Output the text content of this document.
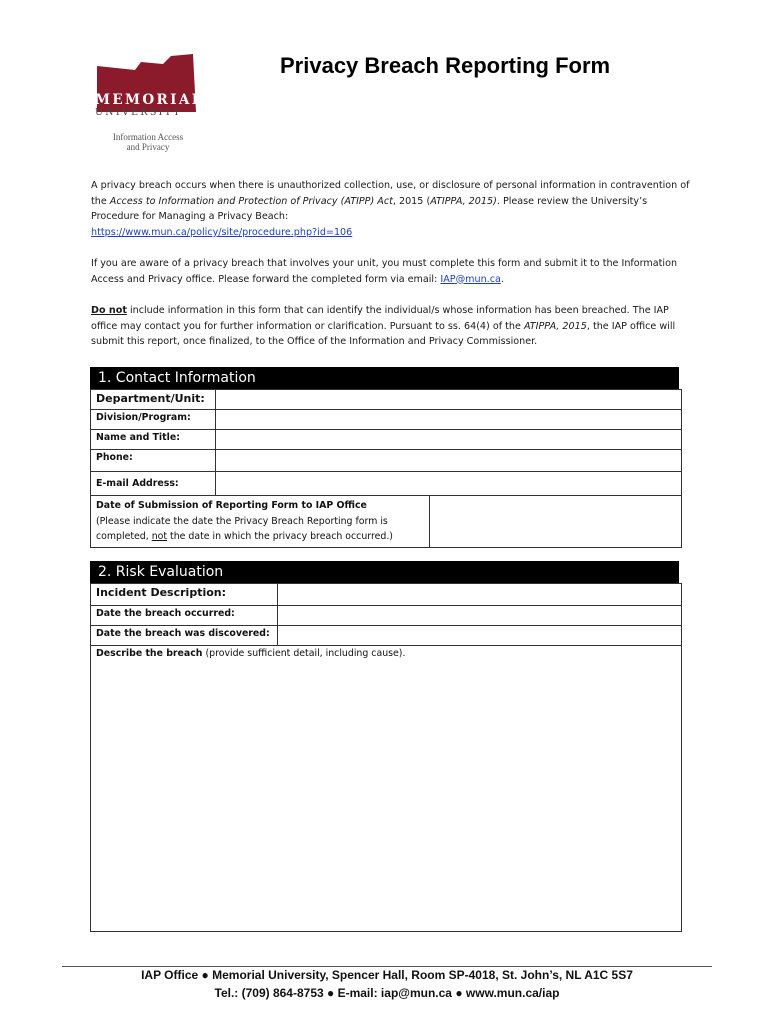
MEMORIAL
UNIVERSITY
Information Access
and Privacy
Privacy Breach Reporting Form

A privacy breach occurs when there is unauthorized collection, use, or disclosure of personal information in contravention of the Access to Information and Protection of Privacy (ATIPP) Act, 2015 (ATIPPA, 2015). Please review the University’s Procedure for Managing a Privacy Beach:
https://www.mun.ca/policy/site/procedure.php?id=106

If you are aware of a privacy breach that involves your unit, you must complete this form and submit it to the Information Access and Privacy office. Please forward the completed form via email: IAP@mun.ca.

Do not include information in this form that can identify the individual/s whose information has been breached. The IAP office may contact you for further information or clarification. Pursuant to ss. 64(4) of the ATIPPA, 2015, the IAP office will submit this report, once finalized, to the Office of the Information and Privacy Commissioner.

1. Contact Information
Department/Unit:		
Division/Program:		
Name and Title:		
Phone:		
E-mail Address:		
Date of Submission of Reporting Form to IAP Office
(Please indicate the date the Privacy Breach Reporting form is completed, not the date in which the privacy breach occurred.)		
2. Risk Evaluation
Incident Description:	
Date the breach occurred:	
Date the breach was discovered:	
Describe the breach (provide sufficient detail, including cause).	
IAP Office ● Memorial University, Spencer Hall, Room SP-4018, St. John’s, NL A1C 5S7
Tel.: (709) 864-8753 ● E-mail: iap@mun.ca ● www.mun.ca/iap
